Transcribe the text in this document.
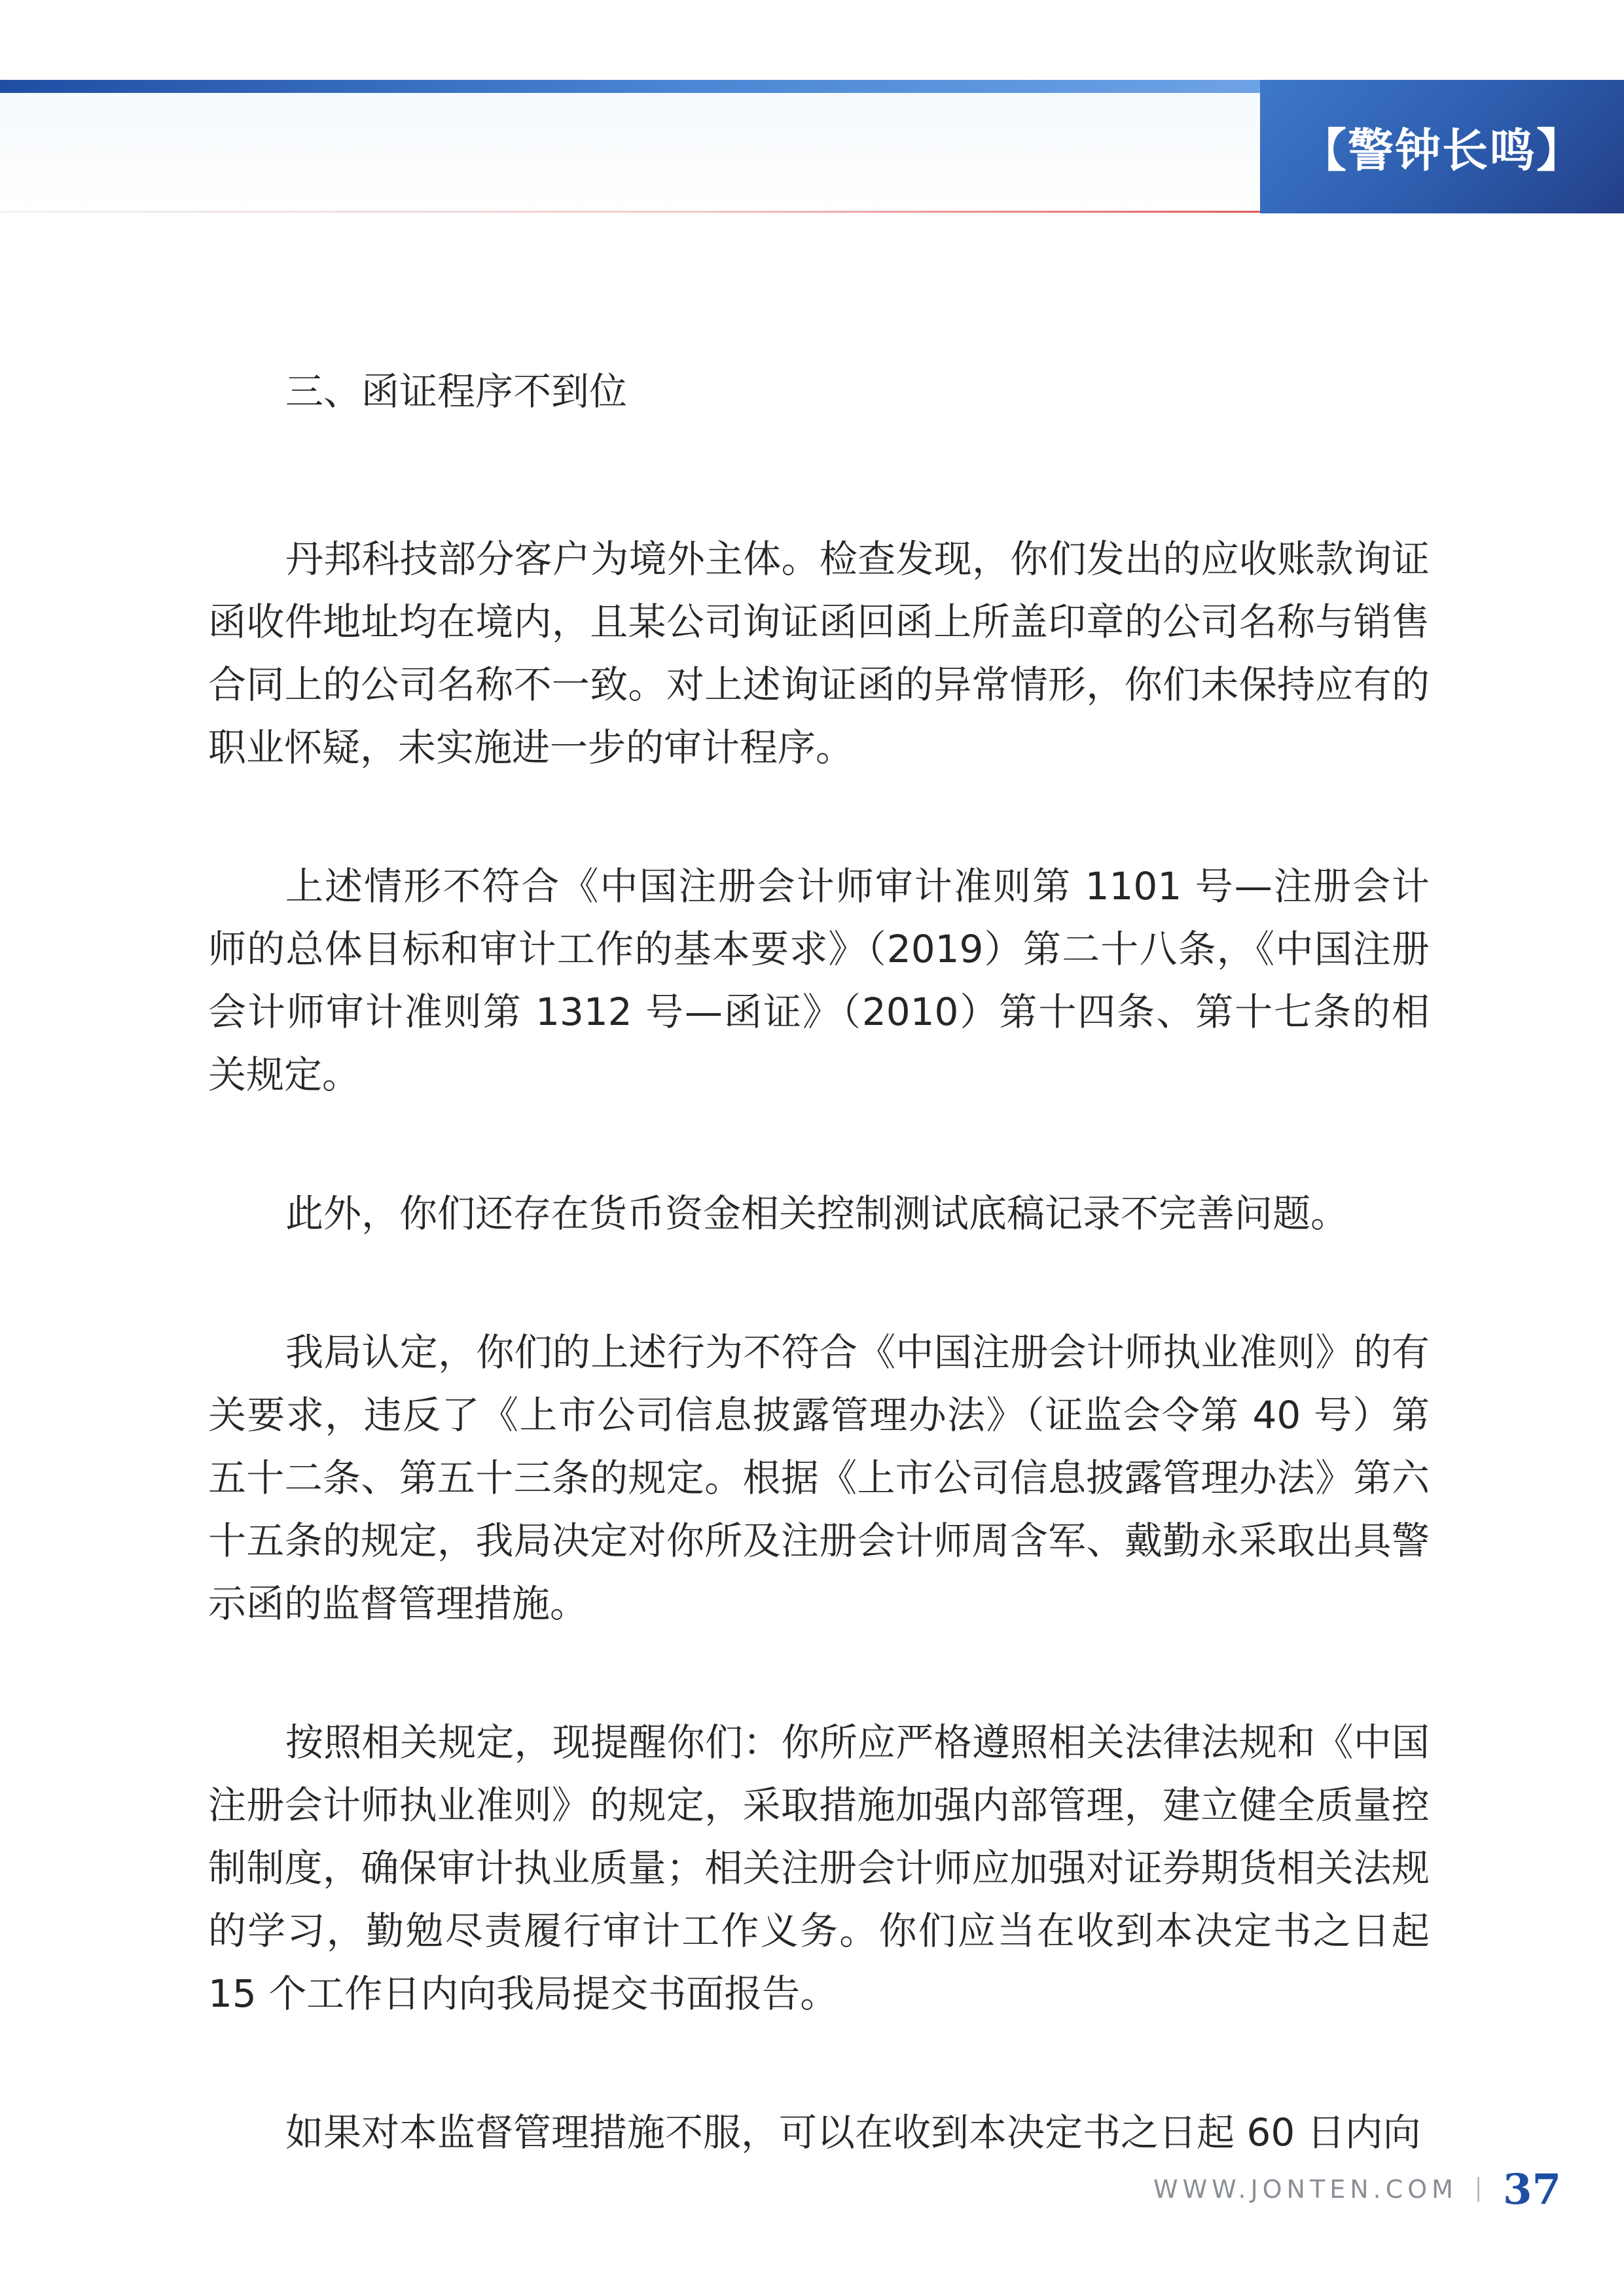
【警钟长鸣】
三、函证程序不到位

丹邦科技部分客户为境外主体。检查发现，你们发出的应收账款询证函收件地址均在境内，且某公司询证函回函上所盖印章的公司名称与销售合同上的公司名称不一致。对上述询证函的异常情形，你们未保持应有的职业怀疑，未实施进一步的审计程序。

上述情形不符合《中国注册会计师审计准则第 1101 号—注册会计师的总体目标和审计工作的基本要求》（2019）第二十八条，《中国注册会计师审计准则第 1312 号—函证》（2010）第十四条、第十七条的相关规定。

此外，你们还存在货币资金相关控制测试底稿记录不完善问题。

我局认定，你们的上述行为不符合《中国注册会计师执业准则》的有关要求，违反了《上市公司信息披露管理办法》（证监会令第 40 号）第五十二条、第五十三条的规定。根据《上市公司信息披露管理办法》第六十五条的规定，我局决定对你所及注册会计师周含军、戴勤永采取出具警示函的监督管理措施。

按照相关规定，现提醒你们：你所应严格遵照相关法律法规和《中国注册会计师执业准则》的规定，采取措施加强内部管理，建立健全质量控制制度，确保审计执业质量；相关注册会计师应加强对证券期货相关法规的学习，勤勉尽责履行审计工作义务。你们应当在收到本决定书之日起 15 个工作日内向我局提交书面报告。

如果对本监督管理措施不服，可以在收到本决定书之日起 60 日内向

WWW.JONTEN.COM 37
